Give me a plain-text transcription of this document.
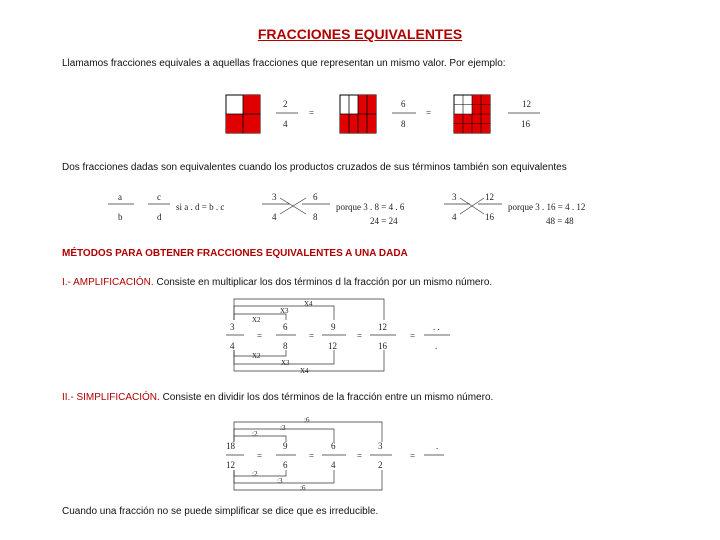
FRACCIONES EQUIVALENTES
Llamamos fracciones equivales a aquellas fracciones que representan un mismo valor. Por ejemplo:
2
4
=
6
8
=
12
16
Dos fracciones dadas son equivalentes cuando los productos cruzados de sus términos también son equivalentes
a
b
c
d
si a . d = b . c
3
4
6
8
porque 3 . 8 = 4 . 6
24 = 24
3
4
12
16
porque 3 . 16 = 4 . 12
48 = 48
MÉTODOS PARA OBTENER FRACCIONES EQUIVALENTES A UNA DADA
I.- AMPLIFICACIÓN. Consiste en multiplicar los dos términos d la fracción por un mismo número.
3
4
6
8
9
12
12
16
. .
.
=	=	=	=
X2
X3
X4
X2
X3
X4
II.- SIMPLIFICACIÓN. Consiste en dividir los dos términos de la fracción entre un mismo número.
18
12
9
6
6
4
3
2
.
=	=	=	=
:2
:3
:6
:2
:3
:6
Cuando una fracción no se puede simplificar se dice que es irreducible.
